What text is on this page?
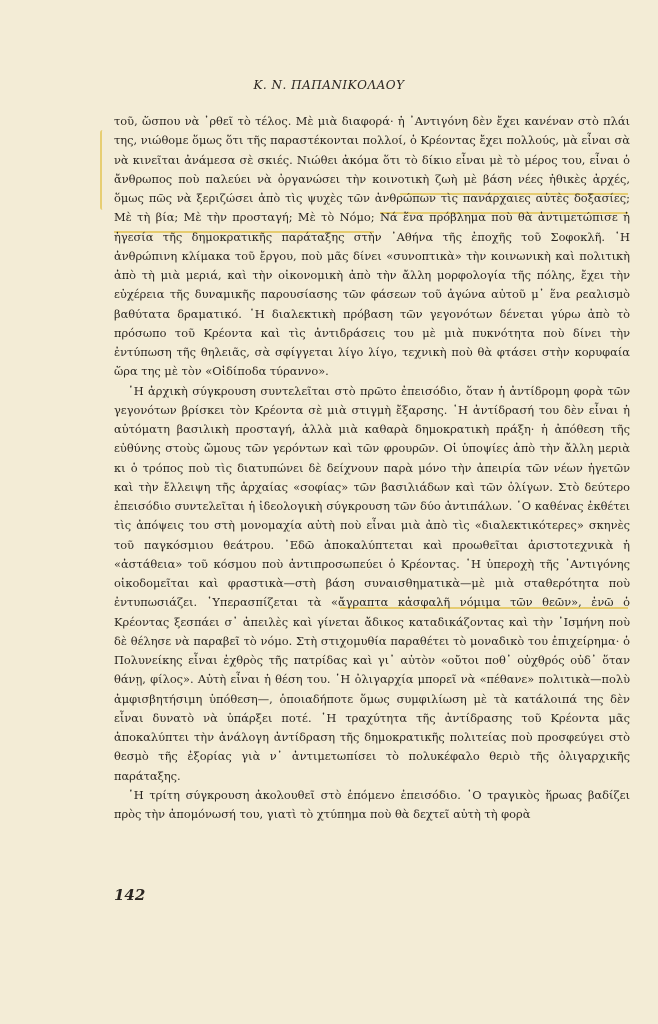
Κ. Ν. ΠΑΠΑΝΙΚΟΛΑΟΥ

τοῦ, ὥσπου νὰ ᾿ρθεῖ τὸ τέλος. Μὲ μιὰ διαφορά· ἡ ᾿Αντιγόνη δὲν ἔχει κανέναν στὸ πλάι της, νιώθομε ὅμως ὅτι τῆς παραστέκονται πολλοί, ὁ Κρέοντας ἔχει πολλούς, μὰ εἶναι σὰ νὰ κινεῖται ἀνάμεσα σὲ σκιές. Νιώθει ἀκόμα ὅτι τὸ δίκιο εἶναι μὲ τὸ μέρος του, εἶναι ὁ ἄνθρωπος ποὺ παλεύει νὰ ὀργανώσει τὴν κοινοτικὴ ζωὴ μὲ βάση νέες ἠθικὲς ἀρχές, ὅμως πῶς νὰ ξεριζώσει ἀπὸ τὶς ψυχὲς τῶν ἀνθρώπων τὶς πανάρχαιες αὐτὲς δοξασίες; Μὲ τὴ βία; Μὲ τὴν προσταγή; Μὲ τὸ Νόμο; Νά ἕνα πρόβλημα ποὺ θὰ ἀντιμετώπισε ἡ ἡγεσία τῆς δημοκρατικῆς παράταξης στὴν ᾿Αθήνα τῆς ἐποχῆς τοῦ Σοφοκλῆ. ῾Η ἀνθρώπινη κλίμακα τοῦ ἔργου, ποὺ μᾶς δίνει «συνοπτικὰ» τὴν κοινωνικὴ καὶ πολιτικὴ ἀπὸ τὴ μιὰ μεριά, καὶ τὴν οἰκονομικὴ ἀπὸ τὴν ἄλλη μορφολογία τῆς πόλης, ἔχει τὴν εὐχέρεια τῆς δυναμικῆς παρουσίασης τῶν φάσεων τοῦ ἀγώνα αὐτοῦ μ᾿ ἕνα ρεαλισμὸ βαθύτατα δραματικό. ῾Η διαλεκτικὴ πρόβαση τῶν γεγονότων δένεται γύρω ἀπὸ τὸ πρόσωπο τοῦ Κρέοντα καὶ τὶς ἀντιδράσεις του μὲ μιὰ πυκνότητα ποὺ δίνει τὴν ἐντύπωση τῆς θηλειᾶς, σὰ σφίγγεται λίγο λίγο, τεχνικὴ ποὺ θὰ φτάσει στὴν κορυφαία ὥρα της μὲ τὸν «Οἰδίποδα τύραννο».

῾Η ἀρχικὴ σύγκρουση συντελεῖται στὸ πρῶτο ἐπεισόδιο, ὅταν ἡ ἀντίδρομη φορὰ τῶν γεγονότων βρίσκει τὸν Κρέοντα σὲ μιὰ στιγμὴ ἔξαρσης. ῾Η ἀντίδρασή του δὲν εἶναι ἡ αὐτόματη βασιλικὴ προσταγή, ἀλλὰ μιὰ καθαρὰ δημοκρατικὴ πράξη· ἡ ἀπόθεση τῆς εὐθύνης στοὺς ὤμους τῶν γερόντων καὶ τῶν φρουρῶν. Οἱ ὑποψίες ἀπὸ τὴν ἄλλη μεριὰ κι ὁ τρόπος ποὺ τὶς διατυπώνει δὲ δείχνουν παρὰ μόνο τὴν ἀπειρία τῶν νέων ἡγετῶν καὶ τὴν ἔλλειψη τῆς ἀρχαίας «σοφίας» τῶν βασιλιάδων καὶ τῶν ὀλίγων. Στὸ δεύτερο ἐπεισόδιο συντελεῖται ἡ ἰδεολογικὴ σύγκρουση τῶν δύο ἀντιπάλων. ῾Ο καθένας ἐκθέτει τὶς ἀπόψεις του στὴ μονομαχία αὐτὴ ποὺ εἶναι μιὰ ἀπὸ τὶς «διαλεκτικότερες» σκηνὲς τοῦ παγκόσμιου θεάτρου. ᾿Εδῶ ἀποκαλύπτεται καὶ προωθεῖται ἀριστοτεχνικὰ ἡ «ἀστάθεια» τοῦ κόσμου ποὺ ἀντιπροσωπεύει ὁ Κρέοντας. ῾Η ὑπεροχὴ τῆς ᾿Αντιγόνης οἰκοδομεῖται καὶ φραστικὰ—στὴ βάση συναισθηματικὰ—μὲ μιὰ σταθερότητα ποὺ ἐντυπωσιάζει. ῾Υπερασπίζεται τὰ «ἄγραπτα κἀσφαλῆ νόμιμα τῶν θεῶν», ἐνῶ ὁ Κρέοντας ξεσπάει σ᾿ ἀπειλὲς καὶ γίνεται ἄδικος καταδικάζοντας καὶ τὴν ᾿Ισμήνη ποὺ δὲ θέλησε νὰ παραβεῖ τὸ νόμο. Στὴ στιχομυθία παραθέτει τὸ μοναδικὸ του ἐπιχείρημα· ὁ Πολυνείκης εἶναι ἐχθρὸς τῆς πατρίδας καὶ γι᾿ αὐτὸν «οὔτοι ποθ᾿ οὐχθρός οὐδ᾿ ὅταν θάνῃ, φίλος». Αὐτὴ εἶναι ἡ θέση του. ῾Η ὀλιγαρχία μπορεῖ νὰ «πέθανε» πολιτικὰ—πολὺ ἀμφισβητήσιμη ὑπόθεση—, ὁποιαδήποτε ὅμως συμφιλίωση μὲ τὰ κατάλοιπά της δὲν εἶναι δυνατὸ νὰ ὑπάρξει ποτέ. ῾Η τραχύτητα τῆς ἀντίδρασης τοῦ Κρέοντα μᾶς ἀποκαλύπτει τὴν ἀνάλογη ἀντίδραση τῆς δημοκρατικῆς πολιτείας ποὺ προσφεύγει στὸ θεσμὸ τῆς ἐξορίας γιὰ ν᾿ ἀντιμετωπίσει τὸ πολυκέφαλο θεριὸ τῆς ὀλιγαρχικῆς παράταξης.

῾Η τρίτη σύγκρουση ἀκολουθεῖ στὸ ἑπόμενο ἐπεισόδιο. ῾Ο τραγικὸς ἥρωας βαδίζει πρὸς τὴν ἀπομόνωσή του, γιατὶ τὸ χτύπημα ποὺ θὰ δεχτεῖ αὐτὴ τὴ φορὰ

142
